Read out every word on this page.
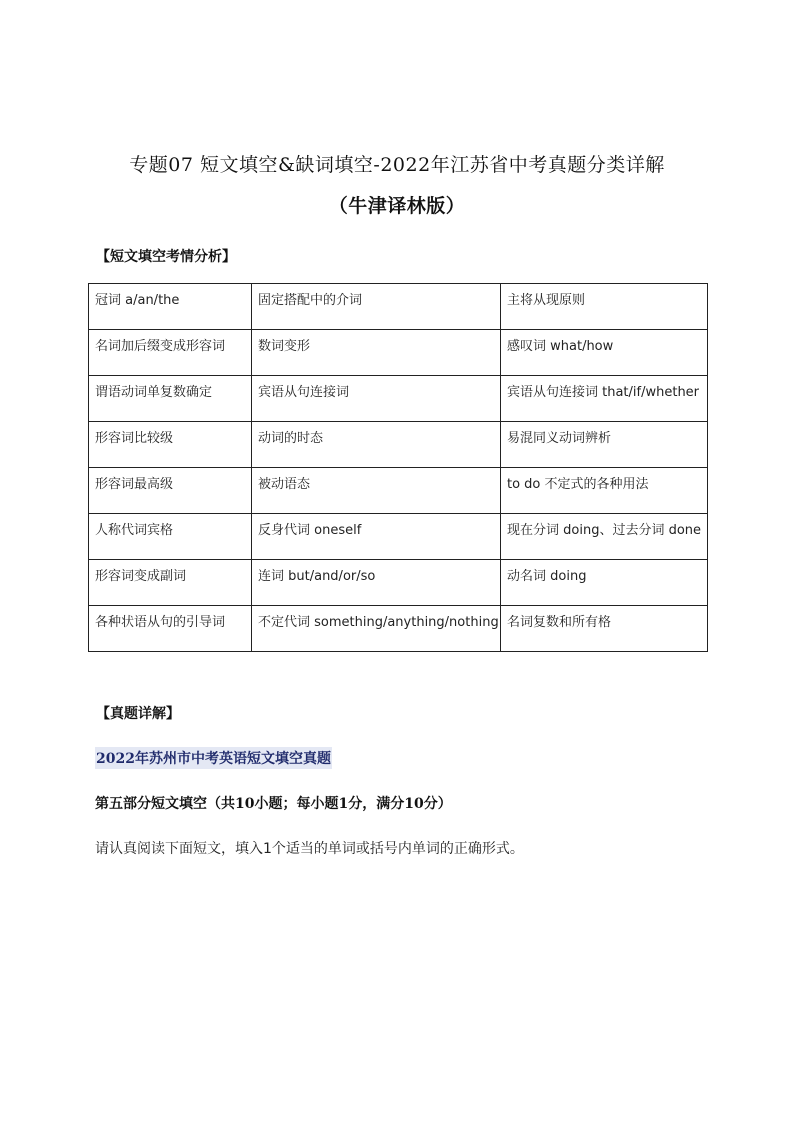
专题07 短文填空&缺词填空-2022年江苏省中考真题分类详解
（牛津译林版）
【短文填空考情分析】
冠词 a/an/the	固定搭配中的介词	主将从现原则

名词加后缀变成形容词	数词变形	感叹词 what/how

谓语动词单复数确定	宾语从句连接词	宾语从句连接词 that/if/whether

形容词比较级	动词的时态	易混同义动词辨析

形容词最高级	被动语态	to do 不定式的各种用法

人称代词宾格	反身代词 oneself	现在分词 doing、过去分词 done

形容词变成副词	连词 but/and/or/so	动名词 doing

各种状语从句的引导词	不定代词 something/anything/nothing	名词复数和所有格
【真题详解】
2022年苏州市中考英语短文填空真题
第五部分短文填空（共10小题；每小题1分，满分10分）
请认真阅读下面短文，填入1个适当的单词或括号内单词的正确形式。
